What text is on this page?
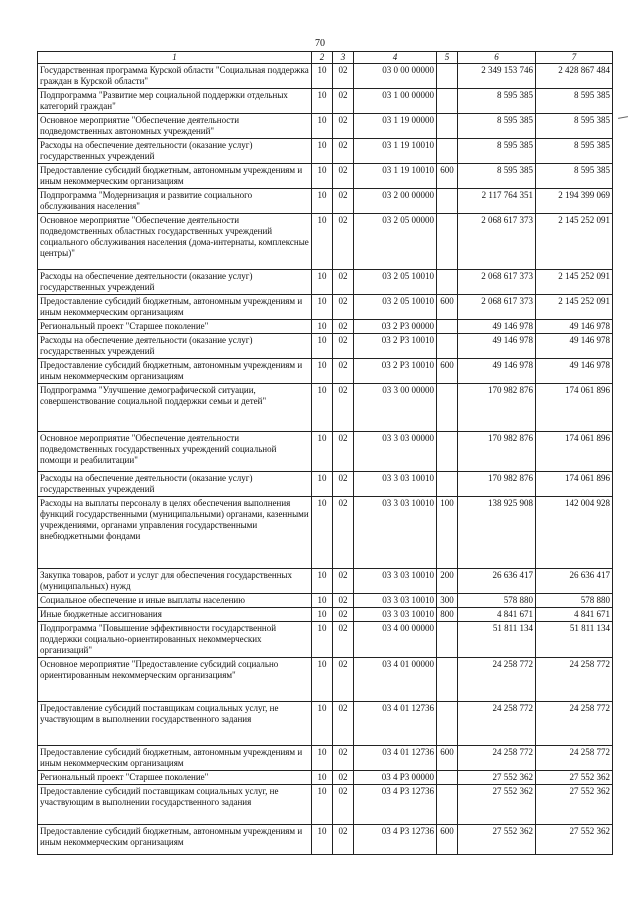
70
1	2	3	4	5	6	7
Государственная программа Курской области "Социальная поддержка граждан в Курской области"	10	02	03 0 00 00000		2 349 153 746	2 428 867 484
Подпрограмма "Развитие мер социальной поддержки отдельных категорий граждан"	10	02	03 1 00 00000		8 595 385	8 595 385
Основное мероприятие "Обеспечение деятельности подведомственных автономных учреждений"	10	02	03 1 19 00000		8 595 385	8 595 385
Расходы на обеспечение деятельности (оказание услуг) государственных учреждений	10	02	03 1 19 10010		8 595 385	8 595 385
Предоставление субсидий бюджетным, автономным учреждениям и иным некоммерческим организациям	10	02	03 1 19 10010	600	8 595 385	8 595 385
Подпрограмма "Модернизация и развитие социального обслуживания населения"	10	02	03 2 00 00000		2 117 764 351	2 194 399 069
Основное мероприятие "Обеспечение деятельности подведомственных областных государственных учреждений социального обслуживания населения (дома-интернаты, комплексные центры)"	10	02	03 2 05 00000		2 068 617 373	2 145 252 091
Расходы на обеспечение деятельности (оказание услуг) государственных учреждений	10	02	03 2 05 10010		2 068 617 373	2 145 252 091
Предоставление субсидий бюджетным, автономным учреждениям и иным некоммерческим организациям	10	02	03 2 05 10010	600	2 068 617 373	2 145 252 091
Региональный проект "Старшее поколение"	10	02	03 2 P3 00000		49 146 978	49 146 978
Расходы на обеспечение деятельности (оказание услуг) государственных учреждений	10	02	03 2 P3 10010		49 146 978	49 146 978
Предоставление субсидий бюджетным, автономным учреждениям и иным некоммерческим организациям	10	02	03 2 P3 10010	600	49 146 978	49 146 978
Подпрограмма "Улучшение демографической ситуации, совершенствование социальной поддержки семьи и детей"	10	02	03 3 00 00000		170 982 876	174 061 896
Основное мероприятие "Обеспечение деятельности подведомственных государственных учреждений социальной помощи и реабилитации"	10	02	03 3 03 00000		170 982 876	174 061 896
Расходы на обеспечение деятельности (оказание услуг) государственных учреждений	10	02	03 3 03 10010		170 982 876	174 061 896
Расходы на выплаты персоналу в целях обеспечения выполнения функций государственными (муниципальными) органами, казенными учреждениями, органами управления государственными внебюджетными фондами	10	02	03 3 03 10010	100	138 925 908	142 004 928
Закупка товаров, работ и услуг для обеспечения государственных (муниципальных) нужд	10	02	03 3 03 10010	200	26 636 417	26 636 417
Социальное обеспечение и иные выплаты населению	10	02	03 3 03 10010	300	578 880	578 880
Иные бюджетные ассигнования	10	02	03 3 03 10010	800	4 841 671	4 841 671
Подпрограмма "Повышение эффективности государственной поддержки социально-ориентированных некоммерческих организаций"	10	02	03 4 00 00000		51 811 134	51 811 134
Основное мероприятие "Предоставление субсидий социально ориентированным некоммерческим организациям"	10	02	03 4 01 00000		24 258 772	24 258 772
Предоставление субсидий поставщикам социальных услуг, не участвующим в выполнении государственного задания	10	02	03 4 01 12736		24 258 772	24 258 772
Предоставление субсидий бюджетным, автономным учреждениям и иным некоммерческим организациям	10	02	03 4 01 12736	600	24 258 772	24 258 772
Региональный проект "Старшее поколение"	10	02	03 4 P3 00000		27 552 362	27 552 362
Предоставление субсидий поставщикам социальных услуг, не участвующим в выполнении государственного задания	10	02	03 4 P3 12736		27 552 362	27 552 362
Предоставление субсидий бюджетным, автономным учреждениям и иным некоммерческим организациям	10	02	03 4 P3 12736	600	27 552 362	27 552 362
